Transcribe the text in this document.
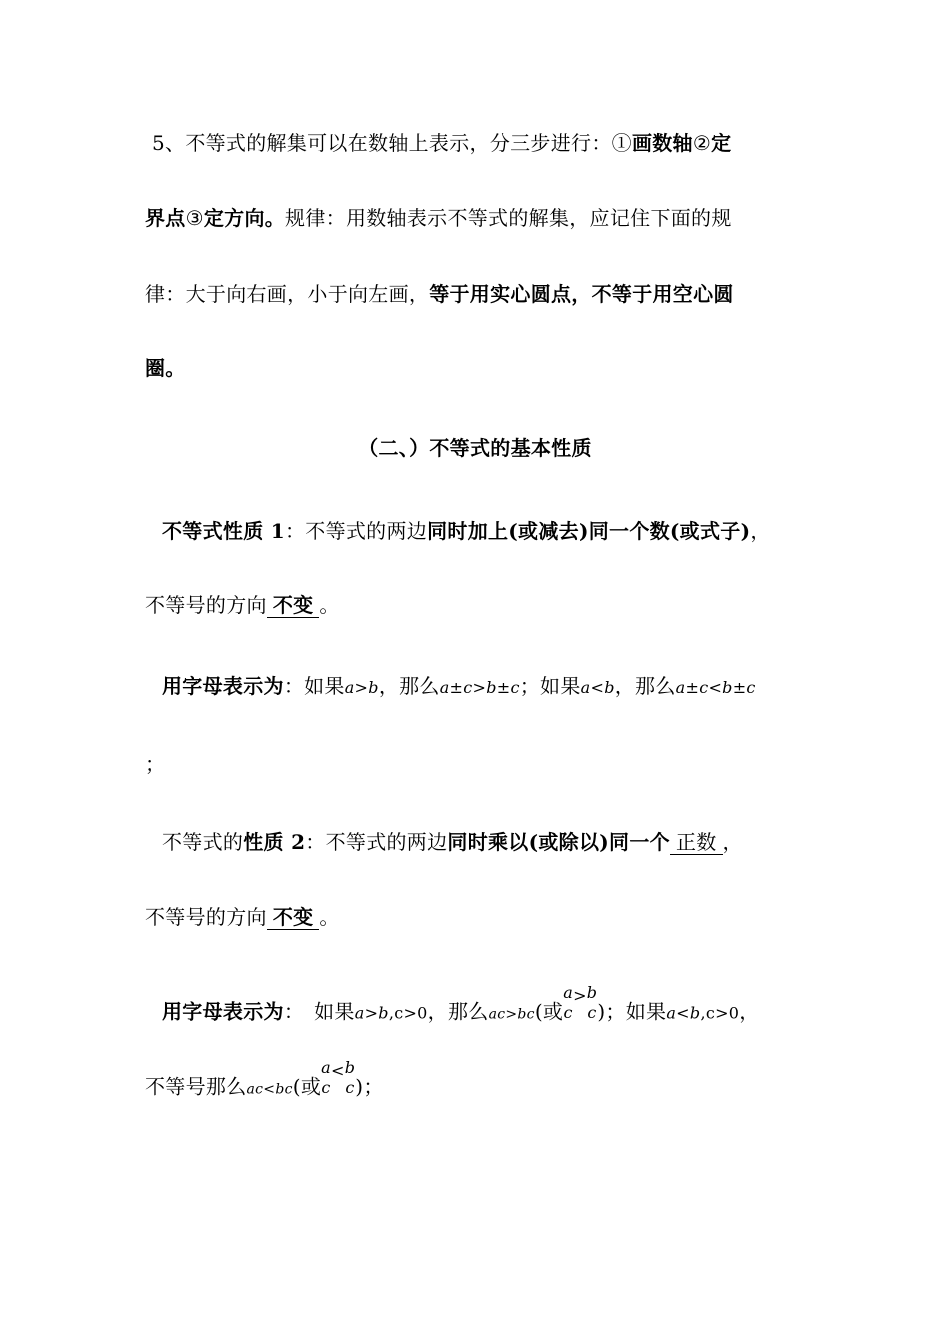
5、不等式的解集可以在数轴上表示，分三步进行：①画数轴②定
界点③定方向。规律：用数轴表示不等式的解集，应记住下面的规
律：大于向右画，小于向左画，等于用实心圆点，不等于用空心圆
圈。
（二、）不等式的基本性质
不等式性质 1：不等式的两边同时加上(或减去)同一个数(或式子)，
不等号的方向 不变 。
用字母表示为：如果a>b，那么a±c>b±c；如果a<b，那么a±c<b±c
；
不等式的性质 2：不等式的两边同时乘以(或除以)同一个 正数 ，
不等号的方向 不变 。
用字母表示为： 如果a>b,c>0，那么ac>bc(或
a
c
> b
c )；如果a<b,c>0，
不等号那么ac<bc(或
a
c
< b
c )；
